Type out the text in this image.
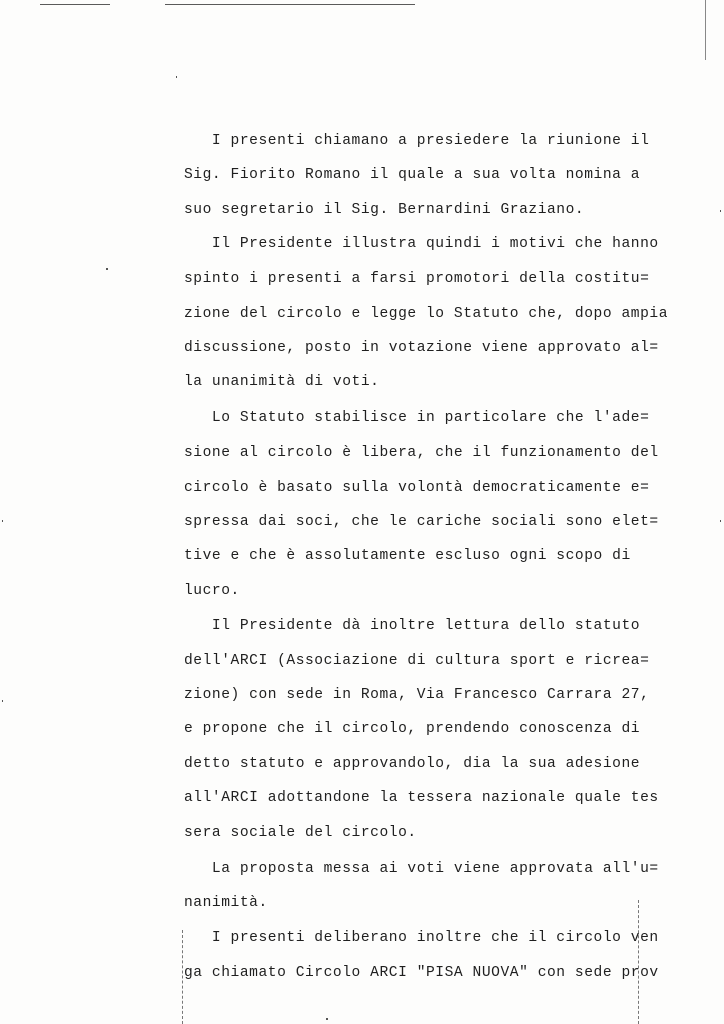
I presenti chiamano a presiedere la riunione il
Sig. Fiorito Romano il quale a sua volta nomina a
suo segretario il Sig. Bernardini Graziano.
Il Presidente illustra quindi i motivi che hanno
spinto i presenti a farsi promotori della costitu=
zione del circolo e legge lo Statuto che, dopo ampia
discussione, posto in votazione viene approvato al=
la unanimità di voti.
Lo Statuto stabilisce in particolare che l'ade=
sione al circolo è libera, che il funzionamento del
circolo è basato sulla volontà democraticamente e=
spressa dai soci, che le cariche sociali sono elet=
tive e che è assolutamente escluso ogni scopo di
lucro.
Il Presidente dà inoltre lettura dello statuto
dell'ARCI (Associazione di cultura sport e ricrea=
zione) con sede in Roma, Via Francesco Carrara 27,
e propone che il circolo, prendendo conoscenza di
detto statuto e approvandolo, dia la sua adesione
all'ARCI adottandone la tessera nazionale quale tes
sera sociale del circolo.
La proposta messa ai voti viene approvata all'u=
nanimità.
I presenti deliberano inoltre che il circolo ven
ga chiamato Circolo ARCI "PISA NUOVA" con sede prov
